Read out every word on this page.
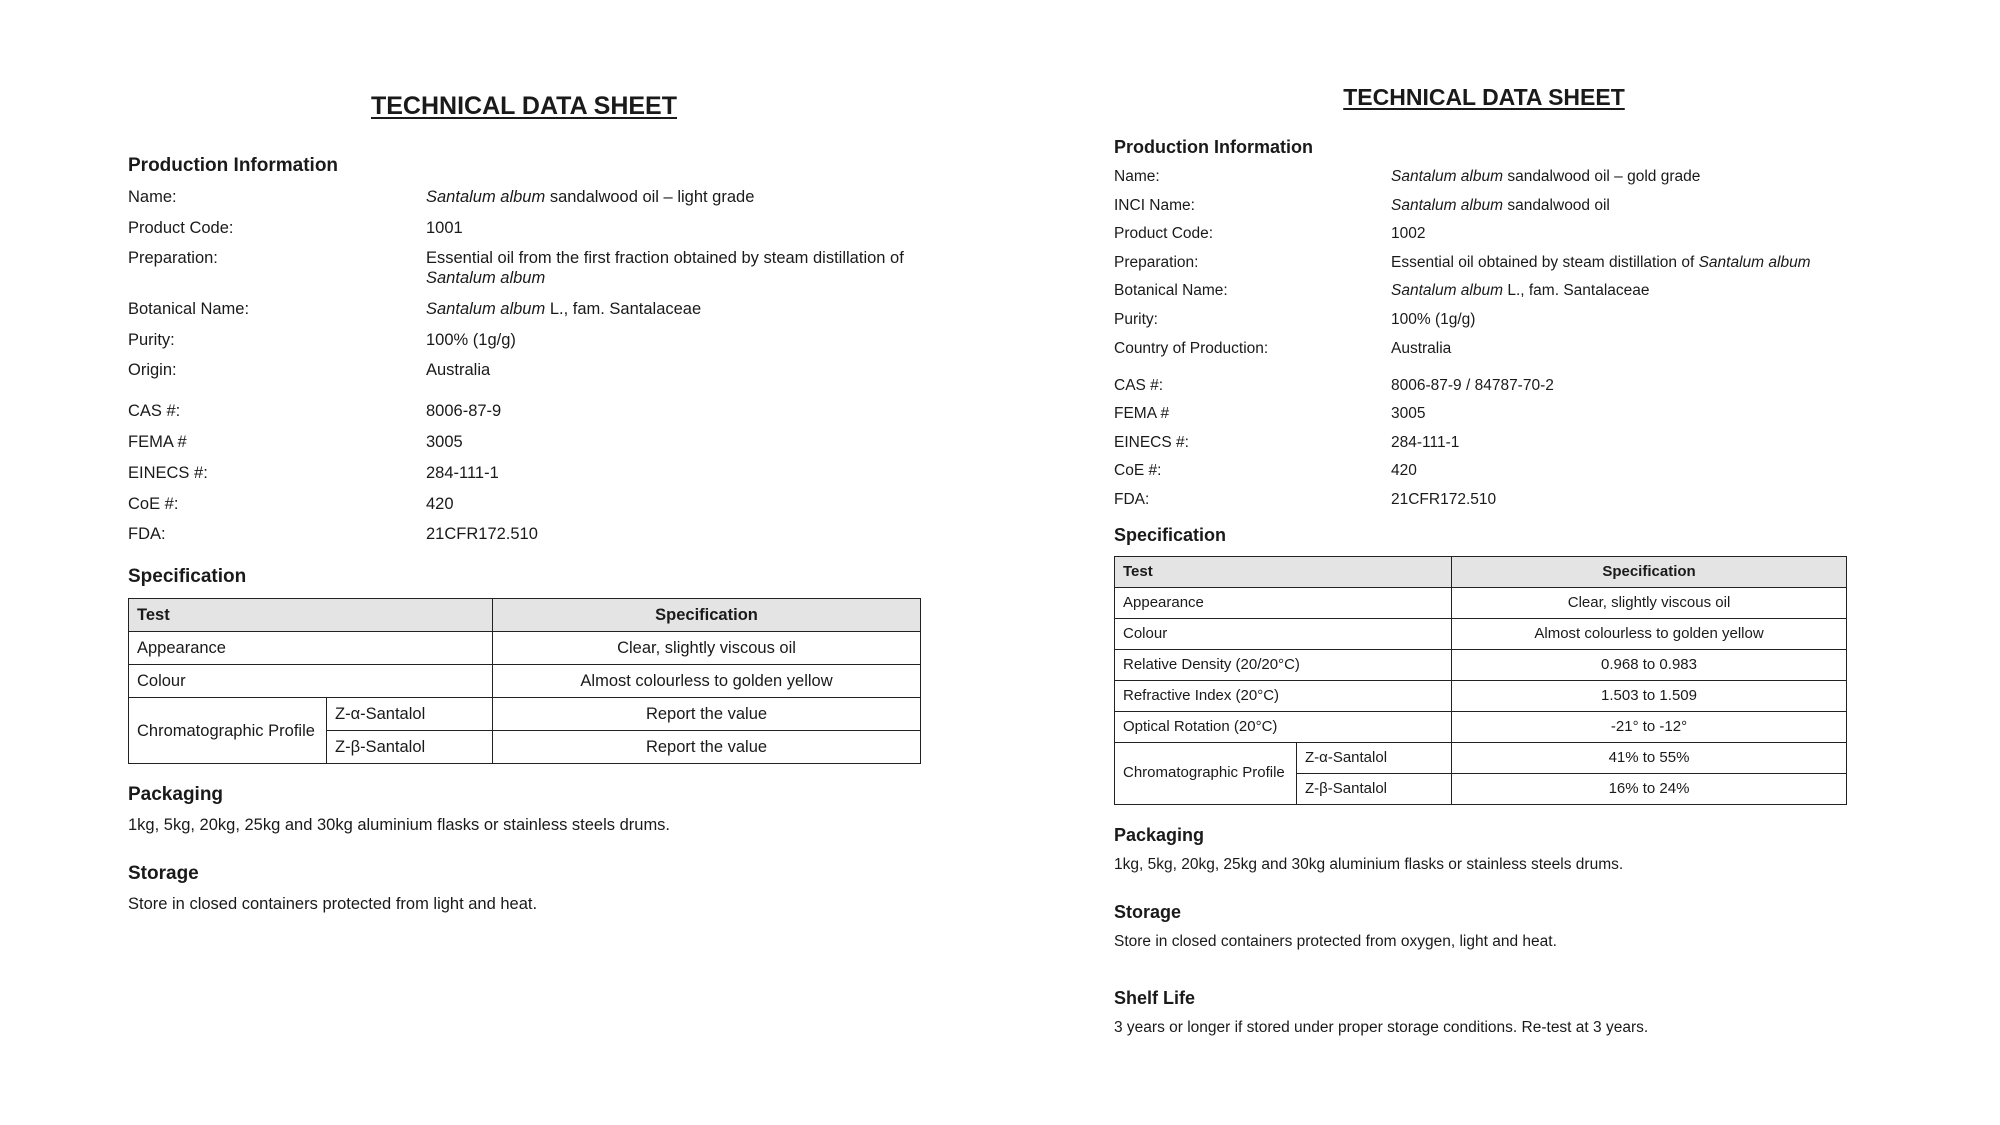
TECHNICAL DATA SHEET
Production Information
Name:	Santalum album sandalwood oil – light grade
Product Code:	1001
Preparation:	Essential oil from the first fraction obtained by steam distillation of Santalum album
Botanical Name:	Santalum album L., fam. Santalaceae
Purity:	100% (1g/g)
Origin:	Australia
CAS #:	8006-87-9
FEMA #	3005
EINECS #:	284-111-1
CoE #:	420
FDA:	21CFR172.510
Specification
Test		Specification
Appearance		Clear, slightly viscous oil
Colour		Almost colourless to golden yellow
Chromatographic Profile	Z-α-Santalol	Report the value
	Z-β-Santalol	Report the value
Packaging

1kg, 5kg, 20kg, 25kg and 30kg aluminium flasks or stainless steels drums.

Storage

Store in closed containers protected from light and heat.

TECHNICAL DATA SHEET
Production Information
Name:	Santalum album sandalwood oil – gold grade
INCI Name:	Santalum album sandalwood oil
Product Code:	1002
Preparation:	Essential oil obtained by steam distillation of Santalum album
Botanical Name:	Santalum album L., fam. Santalaceae
Purity:	100% (1g/g)
Country of Production:	Australia
CAS #:	8006-87-9 / 84787-70-2
FEMA #	3005
EINECS #:	284-111-1
CoE #:	420
FDA:	21CFR172.510
Specification
Test		Specification
Appearance		Clear, slightly viscous oil
Colour		Almost colourless to golden yellow
Relative Density (20/20°C)		0.968 to 0.983
Refractive Index (20°C)		1.503 to 1.509
Optical Rotation (20°C)		-21° to -12°
Chromatographic Profile	Z-α-Santalol	41% to 55%
	Z-β-Santalol	16% to 24%
Packaging

1kg, 5kg, 20kg, 25kg and 30kg aluminium flasks or stainless steels drums.

Storage

Store in closed containers protected from oxygen, light and heat.

Shelf Life

3 years or longer if stored under proper storage conditions. Re-test at 3 years.
